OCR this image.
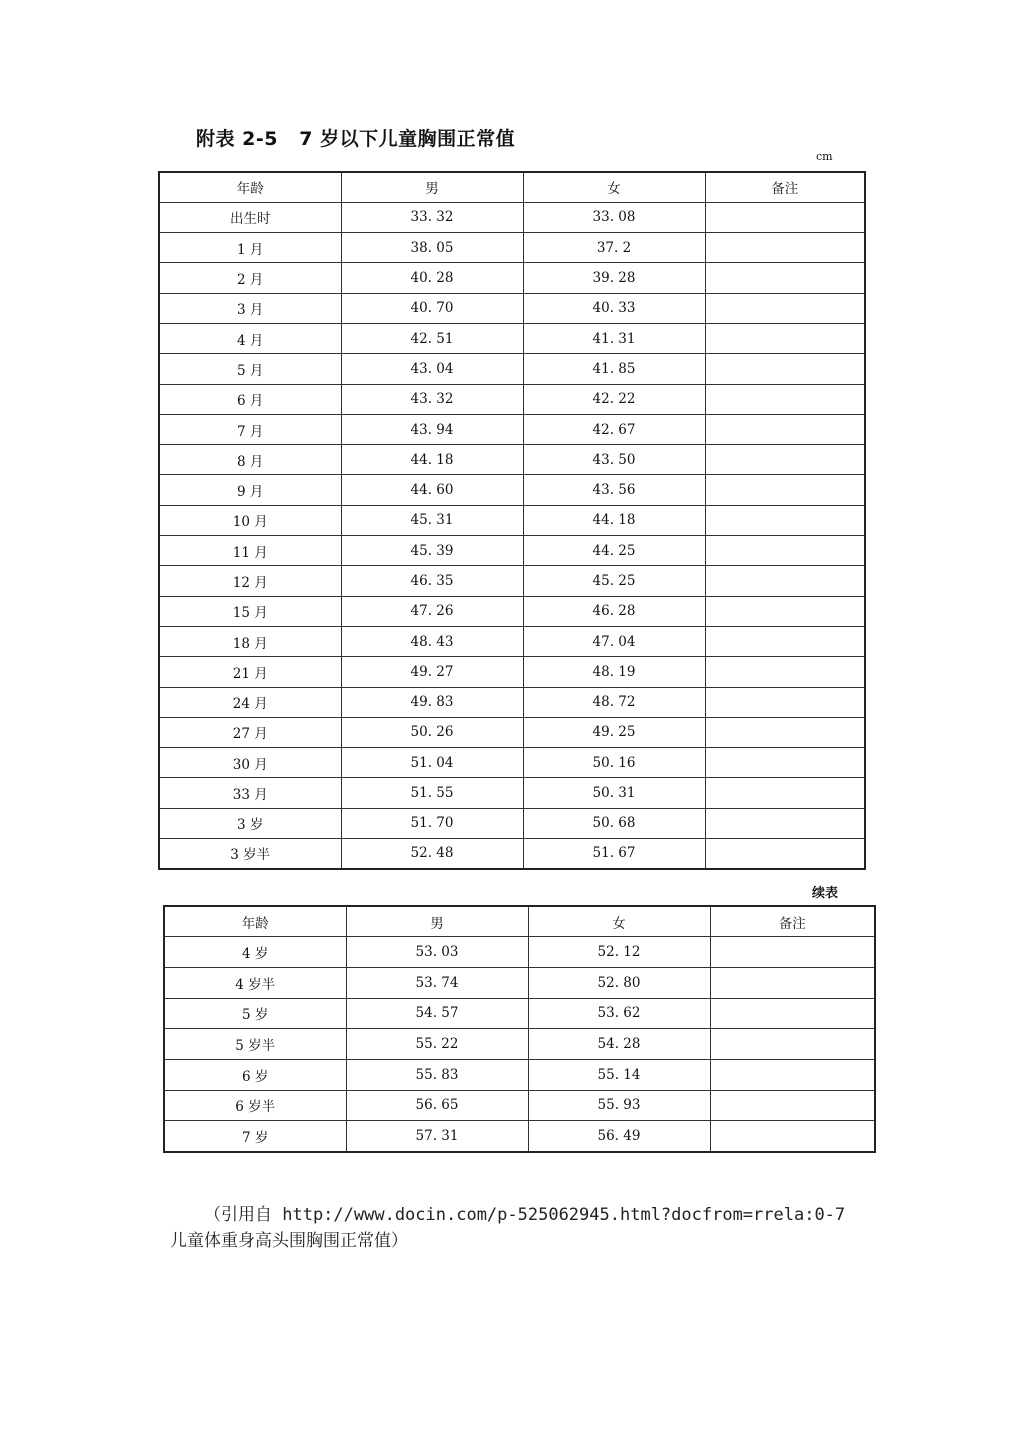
附表 2-5   7 岁以下儿童胸围正常值
cm
年龄	男	女	备注
出生时	33. 32	33. 08	
1 月	38. 05	37. 2	
2 月	40. 28	39. 28	
3 月	40. 70	40. 33	
4 月	42. 51	41. 31	
5 月	43. 04	41. 85	
6 月	43. 32	42. 22	
7 月	43. 94	42. 67	
8 月	44. 18	43. 50	
9 月	44. 60	43. 56	
10 月	45. 31	44. 18	
11 月	45. 39	44. 25	
12 月	46. 35	45. 25	
15 月	47. 26	46. 28	
18 月	48. 43	47. 04	
21 月	49. 27	48. 19	
24 月	49. 83	48. 72	
27 月	50. 26	49. 25	
30 月	51. 04	50. 16	
33 月	51. 55	50. 31	
3 岁	51. 70	50. 68	
3 岁半	52. 48	51. 67	
续表
年龄	男	女	备注
4 岁	53. 03	52. 12	
4 岁半	53. 74	52. 80	
5 岁	54. 57	53. 62	
5 岁半	55. 22	54. 28	
6 岁	55. 83	55. 14	
6 岁半	56. 65	55. 93	
7 岁	57. 31	56. 49	
（引用自 http://www.docin.com/p-525062945.html?docfrom=rrela:0-7
儿童体重身高头围胸围正常值）
